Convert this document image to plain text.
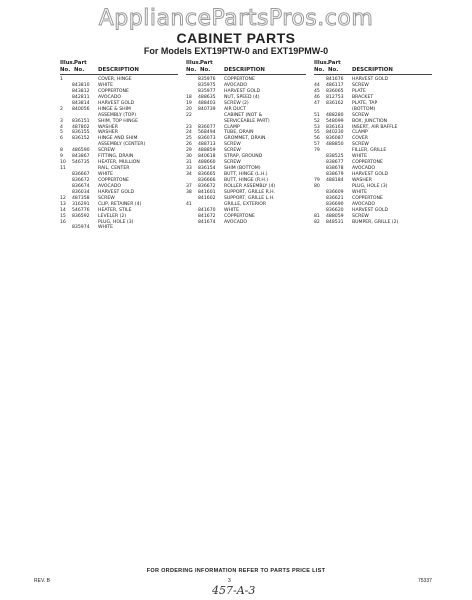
AppliancePartsPros.com
CABINET PARTS
For Models EXT19PTW-0 and EXT19PMW-0
Illus.
No.
Part
No.	DESCRIPTION
1	COVER, HINGE
843810 WHITE
843812 COPPERTONE
842811 AVOCADO
843814 HARVEST GOLD
2 840056 HINGE & SHIM
ASSEMBLY (TOP)
3 836151 SHIM, TOP HINGE
4 487802 WASHER
5 836155 WASHER
6 836152 HINGE AND SHIM
ASSEMBLY (CENTER)
8 486590 SCREW
9 843867 FITTING, DRAIN
10 546735 HEATER, MULLION
11	RAIL, CENTER
836667 WHITE
836672 COPPERTONE
836674 AVOCADO
836034 HARVEST GOLD
12 487358 SCREW
13 316291 CLIP, RETAINER (4)
14 546776 HEATER, STILE
15 836592 LEVELER (2)
16	PLUG, HOLE (3)
835974 WHITE
Illus.
No.
Part
No.	DESCRIPTION
835976 COPPERTONE
835975 AVOCADO
835977 HARVEST GOLD
18 488635 NUT, SPEED (4)
19 488403 SCREW (2)
20 840739 AIR DUCT
22	CABINET (NOT &
SERVICEABLE PART)
23 836077 CLAMP
24 568494 TUBE, DRAIN
25 836073 GROMMET, DRAIN
26 488713 SCREW
29 488859 SCREW
30 840618 STRAP, GROUND
31 488660 SCREW
33 836154 SHIM (BOTTOM)
34 836665 BUTT, HINGE (L.H.)
836666 BUTT, HINGE (R.H.)
37 836672 ROLLER ASSEMBLY (4)
38 841601 SUPPORT, GRILLE R.H.
841602 SUPPORT, GRILLE L.H.
41	GRILLE, EXTERIOR
841670 WHITE
841672 COPPERTONE
841674 AVOCADO
Illus.
No.
Part
No.	DESCRIPTION
841676 HARVEST GOLD
44 486117 SCREW
45 836065 PLATE
46 812753 BRACKET
47 836162 PLATE, TAP
(BOTTOM)
51 488280 SCREW
52 548099 BOX, JUNCTION
53 836163 INSERT, AIR BAFFLE
55 840230 CLAMP
56 836087 COVER
57 488850 SCREW
79	FILLER, GRILLE
838525 WHITE
838677 COPPERTONE
838678 AVOCADO
838679 HARVEST GOLD
79 488184 WASHER
80	PLUG, HOLE (3)
836609 WHITE
836621 COPPERTONE
836690 AVOCADO
836620 HARVEST GOLD
81 488059 SCREW
82 848531 BUMPER, GRILLE (2)
FOR ORDERING INFORMATION REFER TO PARTS PRICE LIST
REV. B	3	75337
457-A-3
